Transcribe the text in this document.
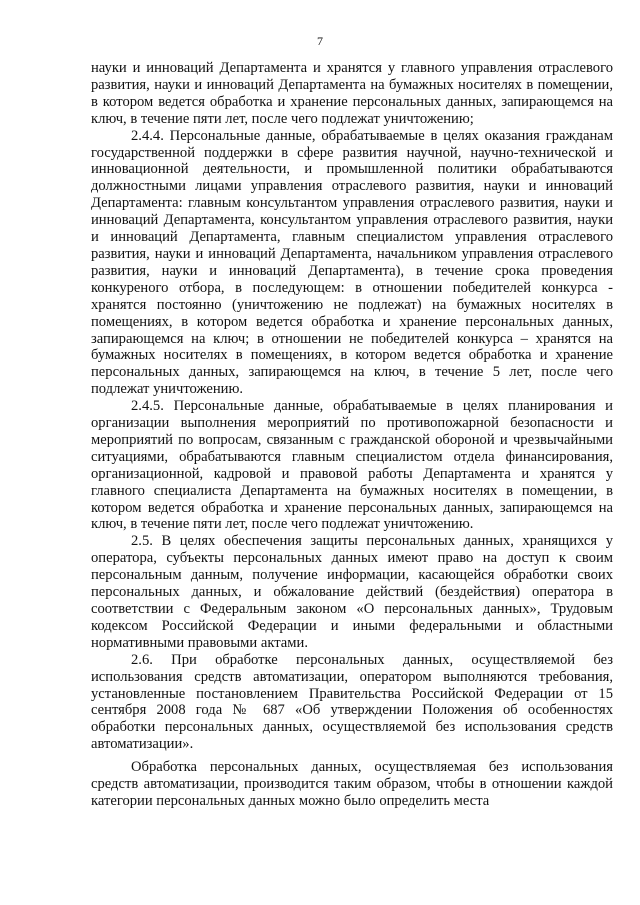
7

науки и инноваций Департамента и хранятся у главного управления отраслевого развития, науки и инноваций Департамента на бумажных носителях в помещении, в котором ведется обработка и хранение персональных данных, запирающемся на ключ, в течение пяти лет, после чего подлежат уничтожению;

2.4.4. Персональные данные, обрабатываемые в целях оказания гражданам государственной поддержки в сфере развития научной, научно-технической и инновационной деятельности, и промышленной политики обрабатываются должностными лицами управления отраслевого развития, науки и инноваций Департамента: главным консультантом управления отраслевого развития, науки и инноваций Департамента, консультантом управления отраслевого развития, науки и инноваций Департамента, главным специалистом управления отраслевого развития, науки и инноваций Департамента, начальником управления отраслевого развития, науки и инноваций Департамента), в течение срока проведения конкуреного отбора, в последующем: в отношении победителей конкурса - хранятся постоянно (уничтожению не подлежат) на бумажных носителях в помещениях, в котором ведется обработка и хранение персональных данных, запирающемся на ключ; в отношении не победителей конкурса – хранятся на бумажных носителях в помещениях, в котором ведется обработка и хранение персональных данных, запирающемся на ключ, в течение 5 лет, после чего подлежат уничтожению.

2.4.5. Персональные данные, обрабатываемые в целях планирования и организации выполнения мероприятий по противопожарной безопасности и мероприятий по вопросам, связанным с гражданской обороной и чрезвычайными ситуациями, обрабатываются главным специалистом отдела финансирования, организационной, кадровой и правовой работы Департамента и хранятся у главного специалиста Департамента на бумажных носителях в помещении, в котором ведется обработка и хранение персональных данных, запирающемся на ключ, в течение пяти лет, после чего подлежат уничтожению.

2.5. В целях обеспечения защиты персональных данных, хранящихся у оператора, субъекты персональных данных имеют право на доступ к своим персональным данным, получение информации, касающейся обработки своих персональных данных, и обжалование действий (бездействия) оператора в соответствии с Федеральным законом «О персональных данных», Трудовым кодексом Российской Федерации и иными федеральными и областными нормативными правовыми актами.

2.6. При обработке персональных данных, осуществляемой без использования средств автоматизации, оператором выполняются требования, установленные постановлением Правительства Российской Федерации от 15 сентября 2008 года № 687 «Об утверждении Положения об особенностях обработки персональных данных, осуществляемой без использования средств автоматизации».

Обработка персональных данных, осуществляемая без использования средств автоматизации, производится таким образом, чтобы в отношении каждой категории персональных данных можно было определить места
